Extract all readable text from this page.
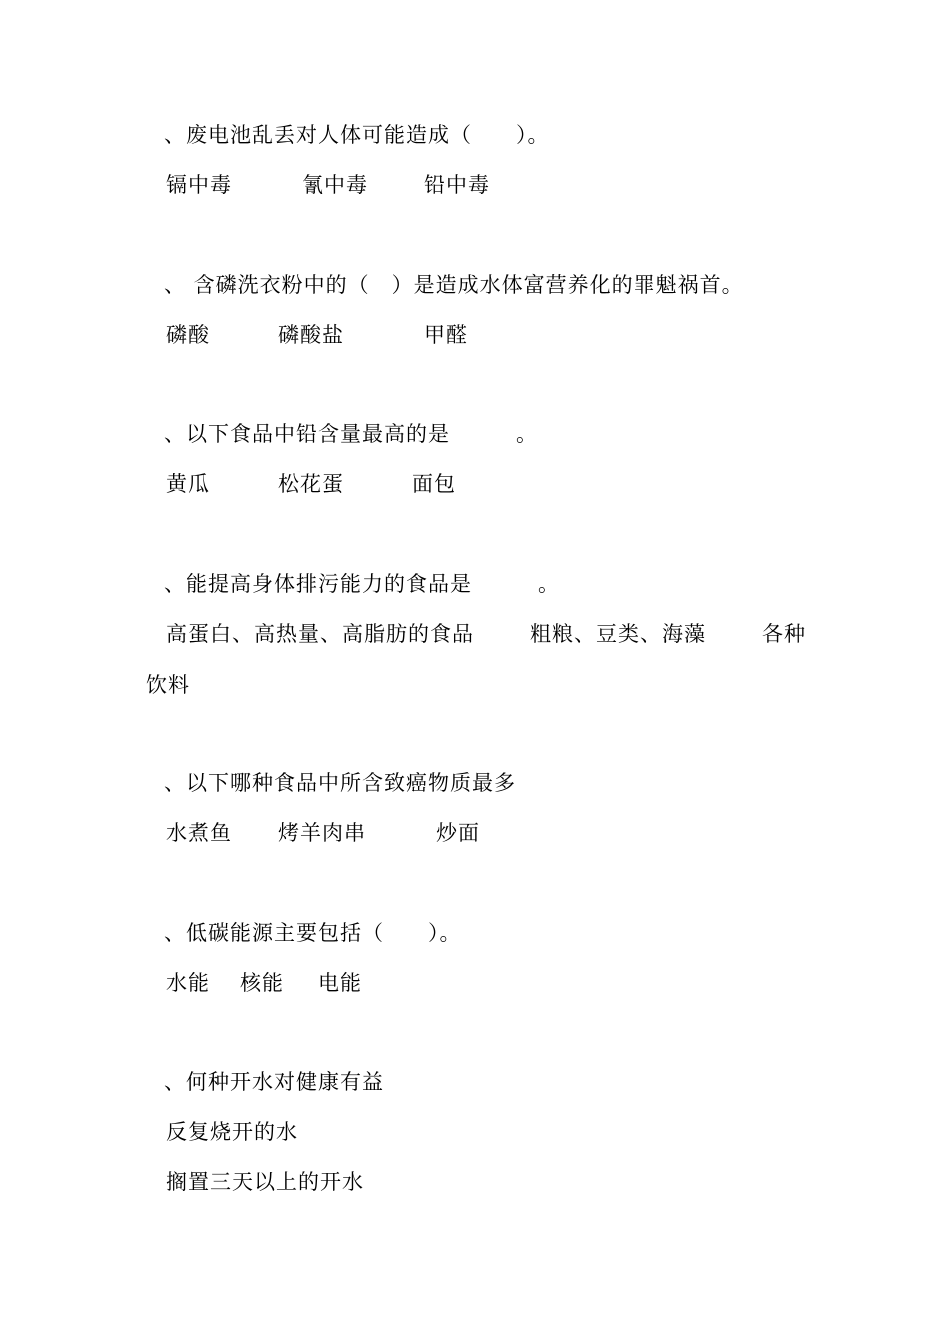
、废电池乱丢对人体可能造成（　　）。

镉中毒

	氰中毒

	铅中毒

、 含磷洗衣粉中的（　）是造成水体富营养化的罪魁祸首。

磷酸

	磷酸盐

	甲醛

、以下食品中铅含量最高的是　　　。

黄瓜

	松花蛋

	面包

、能提高身体排污能力的食品是　　　。

高蛋白、高热量、高脂肪的食品

	粗粮、豆类、海藻

	各种

饮料
、以下哪种食品中所含致癌物质最多

水煮鱼

烤羊肉串

	炒面

、低碳能源主要包括（　　）。

水能

核能

电能

、何种开水对健康有益
反复烧开的水
搁置三天以上的开水
